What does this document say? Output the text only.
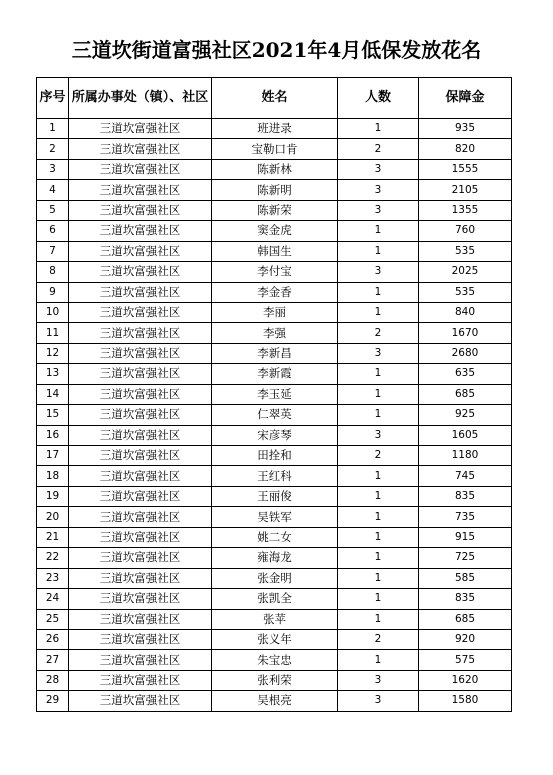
三道坎街道富强社区2021年4月低保发放花名
序号	所属办事处（镇）、社区	姓名	人数	保障金
1	三道坎富强社区	班进录	1	935
2	三道坎富强社区	宝勒口肯	2	820
3	三道坎富强社区	陈新林	3	1555
4	三道坎富强社区	陈新明	3	2105
5	三道坎富强社区	陈新荣	3	1355
6	三道坎富强社区	窦金虎	1	760
7	三道坎富强社区	韩国生	1	535
8	三道坎富强社区	李付宝	3	2025
9	三道坎富强社区	李金香	1	535
10	三道坎富强社区	李丽	1	840
11	三道坎富强社区	李强	2	1670
12	三道坎富强社区	李新昌	3	2680
13	三道坎富强社区	李新霞	1	635
14	三道坎富强社区	李玉延	1	685
15	三道坎富强社区	仁翠英	1	925
16	三道坎富强社区	宋彦琴	3	1605
17	三道坎富强社区	田拴和	2	1180
18	三道坎富强社区	王红科	1	745
19	三道坎富强社区	王丽俊	1	835
20	三道坎富强社区	吴铁军	1	735
21	三道坎富强社区	姚二女	1	915
22	三道坎富强社区	雍海龙	1	725
23	三道坎富强社区	张金明	1	585
24	三道坎富强社区	张凯全	1	835
25	三道坎富强社区	张苹	1	685
26	三道坎富强社区	张义年	2	920
27	三道坎富强社区	朱宝忠	1	575
28	三道坎富强社区	张利荣	3	1620
29	三道坎富强社区	吴根亮	3	1580
